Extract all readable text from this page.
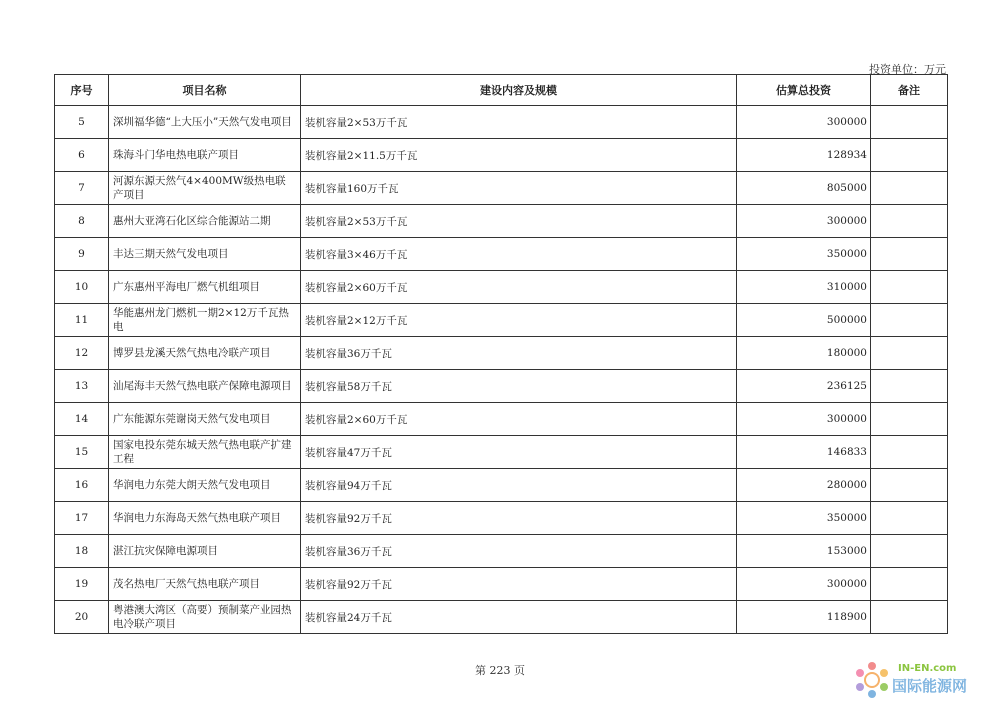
投资单位：万元
序号	项目名称	建设内容及规模	估算总投资	备注
5	深圳福华德“上大压小”天然气发电项目	装机容量2×53万千瓦	300000	
6	珠海斗门华电热电联产项目	装机容量2×11.5万千瓦	128934	
7	河源东源天然气4×400MW级热电联产项目	装机容量160万千瓦	805000	
8	惠州大亚湾石化区综合能源站二期	装机容量2×53万千瓦	300000	
9	丰达三期天然气发电项目	装机容量3×46万千瓦	350000	
10	广东惠州平海电厂燃气机组项目	装机容量2×60万千瓦	310000	
11	华能惠州龙门燃机一期2×12万千瓦热电	装机容量2×12万千瓦	500000	
12	博罗县龙溪天然气热电冷联产项目	装机容量36万千瓦	180000	
13	汕尾海丰天然气热电联产保障电源项目	装机容量58万千瓦	236125	
14	广东能源东莞谢岗天然气发电项目	装机容量2×60万千瓦	300000	
15	国家电投东莞东城天然气热电联产扩建工程	装机容量47万千瓦	146833	
16	华润电力东莞大朗天然气发电项目	装机容量94万千瓦	280000	
17	华润电力东海岛天然气热电联产项目	装机容量92万千瓦	350000	
18	湛江抗灾保障电源项目	装机容量36万千瓦	153000	
19	茂名热电厂天然气热电联产项目	装机容量92万千瓦	300000	
20	粤港澳大湾区（高要）预制菜产业园热电冷联产项目	装机容量24万千瓦	118900	
第 223 页	IN-EN.com
国际能源网
